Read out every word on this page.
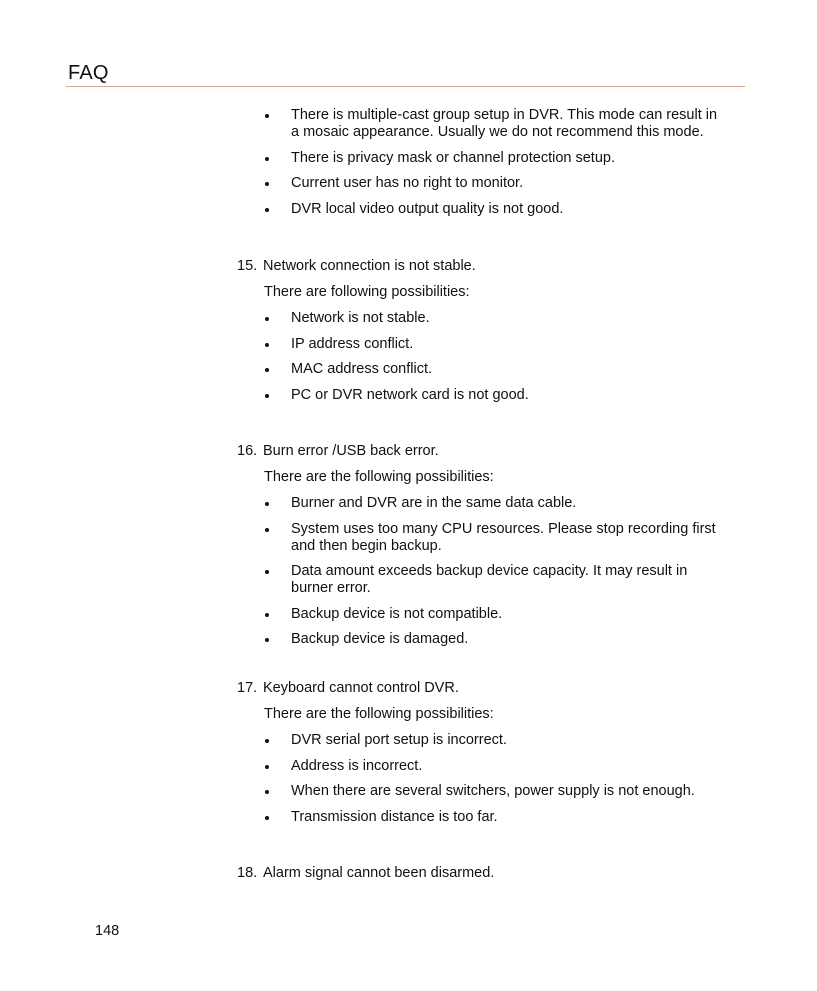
FAQ
There is multiple-cast group setup in DVR. This mode can result in
a mosaic appearance. Usually we do not recommend this mode.
There is privacy mask or channel protection setup.
Current user has no right to monitor.
DVR local video output quality is not good.
15. Network connection is not stable.
There are following possibilities:
Network is not stable.
IP address conflict.
MAC address conflict.
PC or DVR network card is not good.
16. Burn error /USB back error.
There are the following possibilities:
Burner and DVR are in the same data cable.
System uses too many CPU resources. Please stop recording first
and then begin backup.
Data amount exceeds backup device capacity. It may result in
burner error.
Backup device is not compatible.
Backup device is damaged.
17. Keyboard cannot control DVR.
There are the following possibilities:
DVR serial port setup is incorrect.
Address is incorrect.
When there are several switchers, power supply is not enough.
Transmission distance is too far.
18. Alarm signal cannot been disarmed.
148
